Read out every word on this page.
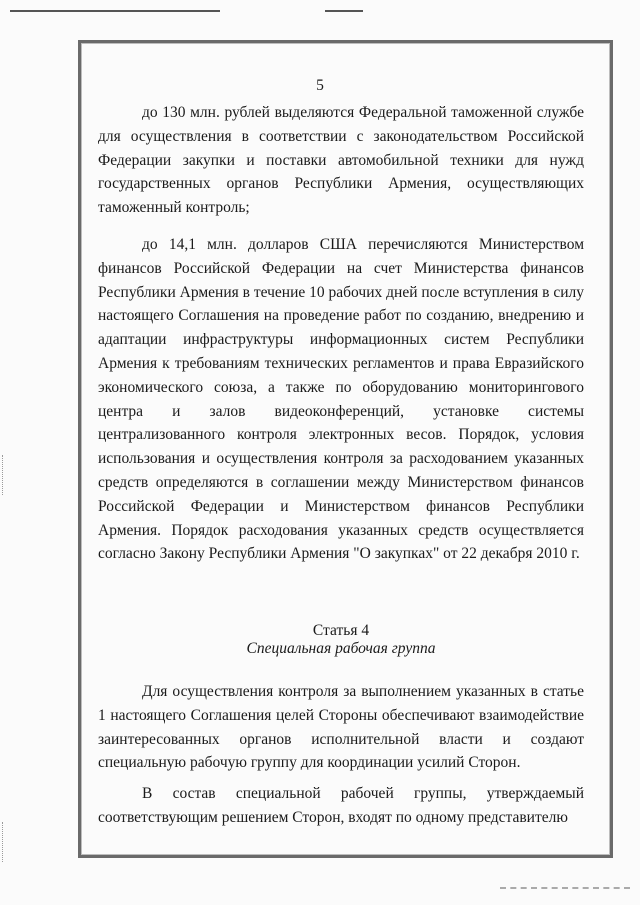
5

до 130 млн. рублей выделяются Федеральной таможенной службе для осуществления в соответствии с законодательством Российской Федерации закупки и поставки автомобильной техники для нужд государственных органов Республики Армения, осуществляющих таможенный контроль;

до 14,1 млн. долларов США перечисляются Министерством финансов Российской Федерации на счет Министерства финансов Республики Армения в течение 10 рабочих дней после вступления в силу настоящего Соглашения на проведение работ по созданию, внедрению и адаптации инфраструктуры информационных систем Республики Армения к требованиям технических регламентов и права Евразийского экономического союза, а также по оборудованию мониторингового центра и залов видеоконференций, установке системы централизованного контроля электронных весов. Порядок, условия использования и осуществления контроля за расходованием указанных средств определяются в соглашении между Министерством финансов Российской Федерации и Министерством финансов Республики Армения. Порядок расходования указанных средств осуществляется согласно Закону Республики Армения "О закупках" от 22 декабря 2010 г.

Статья 4
Специальная рабочая группа

Для осуществления контроля за выполнением указанных в статье 1 настоящего Соглашения целей Стороны обеспечивают взаимодействие заинтересованных органов исполнительной власти и создают специальную рабочую группу для координации усилий Сторон.

В состав специальной рабочей группы, утверждаемый соответствующим решением Сторон, входят по одному представителю
